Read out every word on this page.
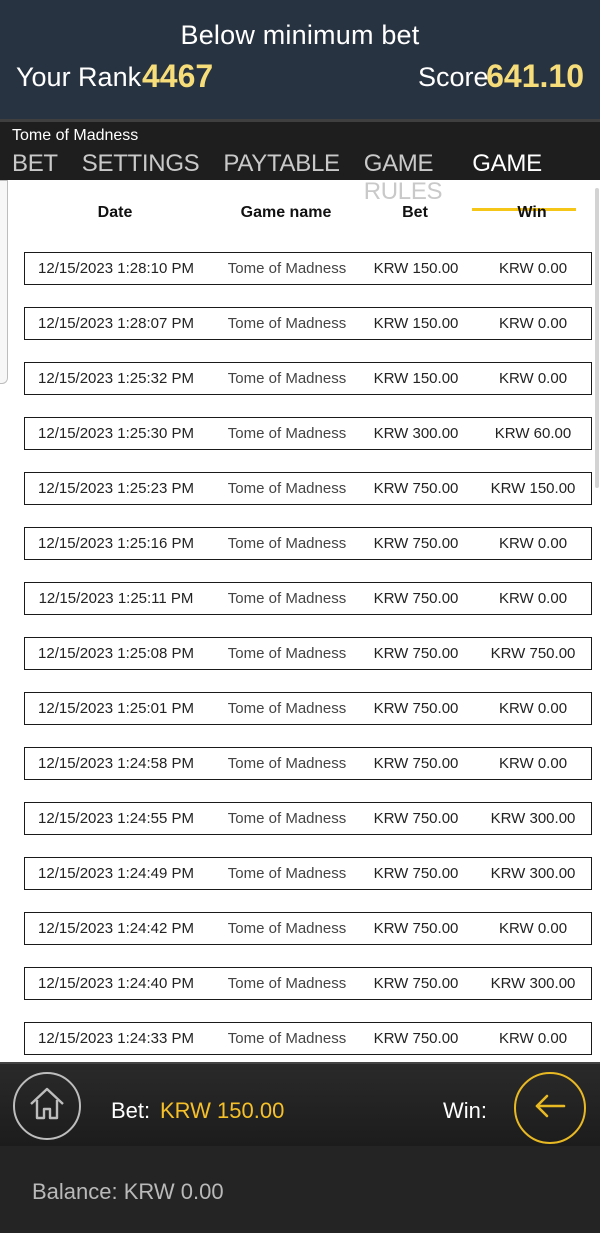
Below minimum bet
Your Rank 4467	Score
641.10
Tome of Madness
BET SETTINGS PAYTABLE GAME RULES
GAME HISTORY
Date	Game name	Bet	Win
12/15/2023 1:28:10 PM Tome of Madness KRW 150.00	KRW 0.00
12/15/2023 1:28:07 PM Tome of Madness KRW 150.00	KRW 0.00
12/15/2023 1:25:32 PM Tome of Madness KRW 150.00	KRW 0.00
12/15/2023 1:25:30 PM Tome of Madness KRW 300.00 KRW 60.00
12/15/2023 1:25:23 PM Tome of Madness KRW 750.00 KRW 150.00
12/15/2023 1:25:16 PM Tome of Madness KRW 750.00	KRW 0.00
12/15/2023 1:25:11 PM Tome of Madness KRW 750.00	KRW 0.00
12/15/2023 1:25:08 PM Tome of Madness KRW 750.00 KRW 750.00
12/15/2023 1:25:01 PM Tome of Madness KRW 750.00	KRW 0.00
12/15/2023 1:24:58 PM Tome of Madness KRW 750.00	KRW 0.00
12/15/2023 1:24:55 PM Tome of Madness KRW 750.00 KRW 300.00
12/15/2023 1:24:49 PM Tome of Madness KRW 750.00 KRW 300.00
12/15/2023 1:24:42 PM Tome of Madness KRW 750.00	KRW 0.00
12/15/2023 1:24:40 PM Tome of Madness KRW 750.00 KRW 300.00
12/15/2023 1:24:33 PM Tome of Madness KRW 750.00	KRW 0.00
Bet: KRW 150.00	Win:
Balance: KRW 0.00
